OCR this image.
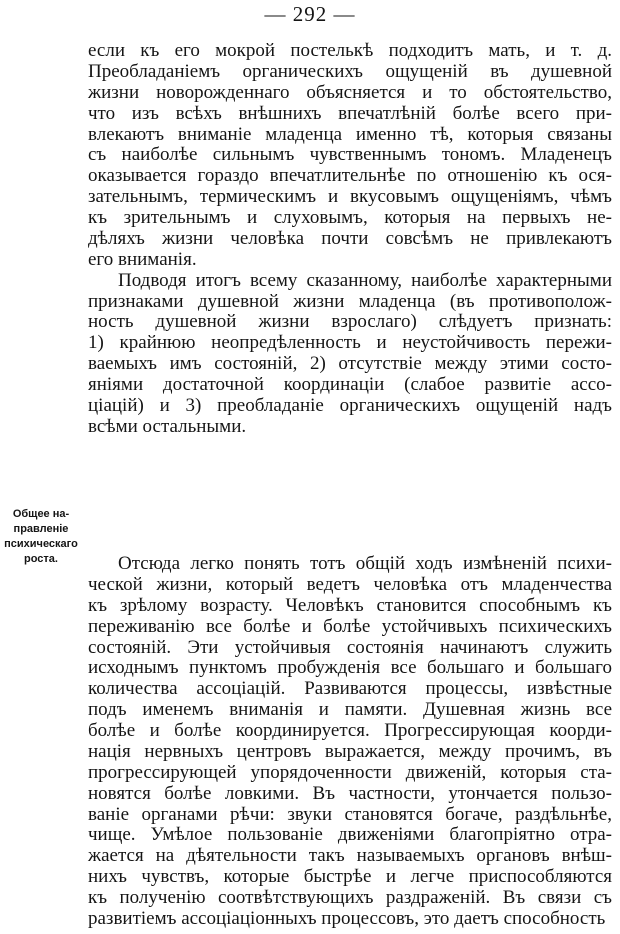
— 292 —
Общее на-
правленіе
психическаго
роста.
если къ его мокрой постелькѣ подходитъ мать, и т. д.
Преобладаніемъ органическихъ ощущеній въ душевной
жизни новорожденнаго объясняется и то обстоятельство,
что изъ всѣхъ внѣшнихъ впечатлѣній болѣе всего при-
влекаютъ вниманіе младенца именно тѣ, которыя связаны
съ наиболѣе сильнымъ чувственнымъ тономъ. Младенецъ
оказывается гораздо впечатлительнѣе по отношенію къ ося-
зательнымъ, термическимъ и вкусовымъ ощущеніямъ, чѣмъ
къ зрительнымъ и слуховымъ, которыя на первыхъ не-
дѣляхъ жизни человѣка почти совсѣмъ не привлекаютъ
его вниманія.
Подводя итогъ всему сказанному, наиболѣе характерными
признаками душевной жизни младенца (въ противополож-
ность душевной жизни взрослаго) слѣдуетъ признать:
1) крайнюю неопредѣленность и неустойчивость пережи-
ваемыхъ имъ состояній, 2) отсутствіе между этими состо-
яніями достаточной координаціи (слабое развитіе ассо-
ціацій) и 3) преобладаніе органическихъ ощущеній надъ
всѣми остальными.
Отсюда легко понять тотъ общій ходъ измѣненій психи-
ческой жизни, который ведетъ человѣка отъ младенчества
къ зрѣлому возрасту. Человѣкъ становится способнымъ къ
переживанію все болѣе и болѣе устойчивыхъ психическихъ
состояній. Эти устойчивыя состоянія начинаютъ служить
исходнымъ пунктомъ пробужденія все большаго и большаго
количества ассоціацій. Развиваются процессы, извѣстные
подъ именемъ вниманія и памяти. Душевная жизнь все
болѣе и болѣе координируется. Прогрессирующая коорди-
нація нервныхъ центровъ выражается, между прочимъ, въ
прогрессирующей упорядоченности движеній, которыя ста-
новятся болѣе ловкими. Въ частности, утончается пользо-
ваніе органами рѣчи: звуки становятся богаче, раздѣльнѣе,
чище. Умѣлое пользованіе движеніями благопріятно отра-
жается на дѣятельности такъ называемыхъ органовъ внѣш-
нихъ чувствъ, которые быстрѣе и легче приспособляются
къ полученію соотвѣтствующихъ раздраженій. Въ связи съ
развитіемъ ассоціаціонныхъ процессовъ, это даетъ способность
